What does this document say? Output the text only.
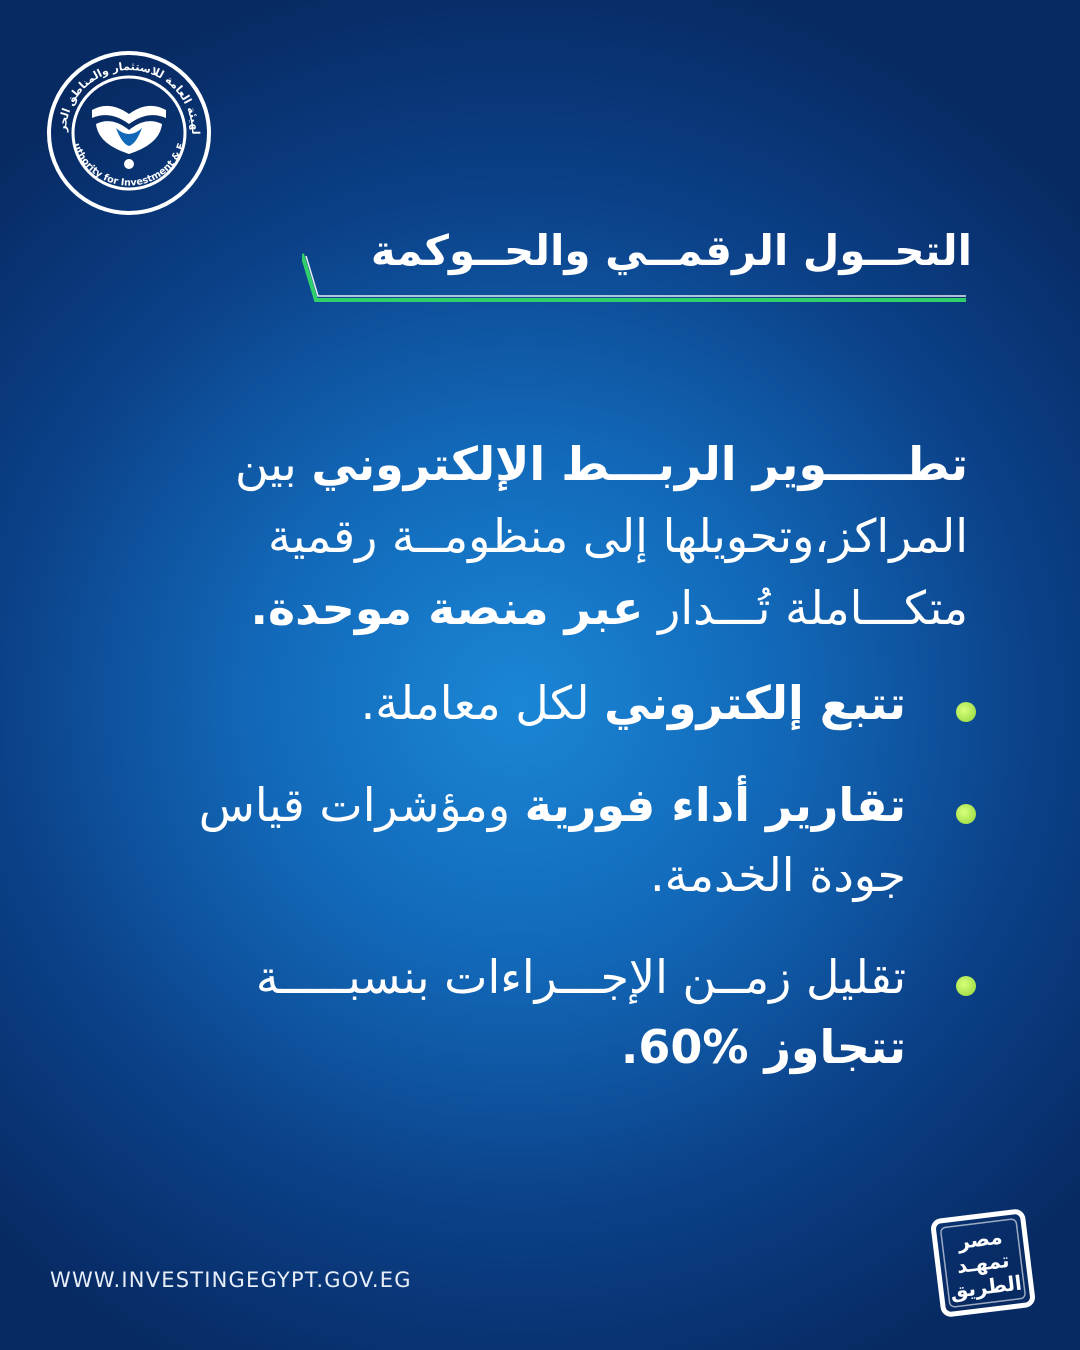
لهيئة العامة للاستثمار والمناطق الحر
uthority for Investment & F
التحــول الرقمــي والحــوكمة
تطـــــوير الربـــط الإلكتروني بين المراكز،وتحويلها إلى منظومــة رقمية متكـــاملة تُـــدار عبر منصة موحدة.
تتبع إلكتروني لكل معاملة.
تقارير أداء فورية ومؤشرات قياس جودة الخدمة.
تقليل زمــن الإجـــراءات بنسبـــــة تتجاوز %60.
WWW.INVESTINGEGYPT.GOV.EG
مصر
تمهـد
الطريق
